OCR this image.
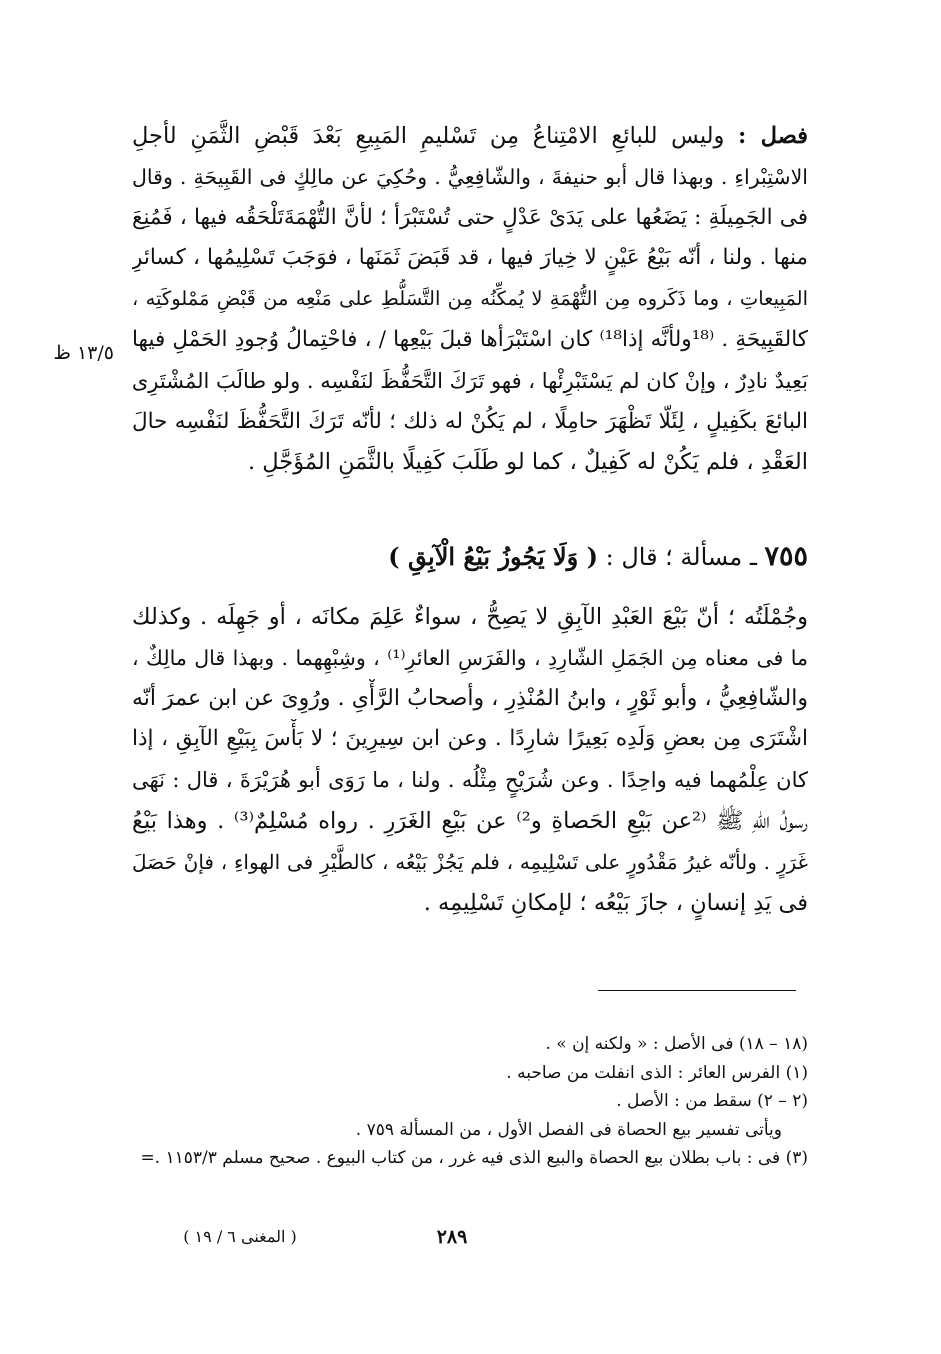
فصل : وليس للبائعِ الامْتِناعُ مِن تَسْليمِ المَبِيعِ بَعْدَ قَبْضِ الثَّمَنِ لأجلِ
الاسْتِبْراءِ . وبهذا قال أبو حنيفةَ ، والشّافِعِيُّ . وحُكِيَ عن مالِكٍ فى القَبِيحَةِ . وقال
فى الجَمِيلَةِ : يَضَعُها على يَدَىْ عَدْلٍ حتى تُسْتَبْرَأ ؛ لأنَّ التُّهْمَةَتَلْحَقُه فيها ، فَمُنِعَ
منها . ولنا ، أنّه بَيْعُ عَيْنٍ لا خِيارَ فيها ، قد قَبَضَ ثَمَنَها ، فوَجَبَ تَسْلِيمُها ، كسائرِ
المَبِيعاتِ ، وما ذَكَروه مِن التُّهْمَةِ لا يُمكِّنُه مِن التَّسَلُّطِ على مَنْعِه من قَبْضِ مَمْلوكَتِه ،
كالقَبِيحَةِ . ⁽¹⁸ولأنَّه إذا¹⁸⁾ كان اسْتَبْرَأها قبلَ بَيْعِها / ، فاحْتِمالُ وُجودِ الحَمْلِ فيها
بَعِيدٌ نادِرٌ ، وإنْ كان لم يَسْتَبْرِئْها ، فهو تَرَكَ التَّحَفُّظَ لنَفْسِه . ولو طالَبَ المُشْتَرِى
البائعَ بكَفِيلٍ ، لِئَلّا تَظْهَرَ حامِلًا ، لم يَكُنْ له ذلك ؛ لأنّه تَرَكَ التَّحَفُّظَ لنَفْسِه حالَ
العَقْدِ ، فلم يَكُنْ له كَفِيلٌ ، كما لو طَلَبَ كَفِيلًا بالثَّمَنِ المُؤَجَّلِ .
١٣/٥ ظ
٧٥٥ ـ مسألة ؛ قال : ( وَلَا يَجُوزُ بَيْعُ الْآبِقِ )
وجُمْلَتُه ؛ أنّ بَيْعَ العَبْدِ الآبِقِ لا يَصِحُّ ، سواءٌ عَلِمَ مكانَه ، أو جَهِلَه . وكذلك
ما فى معناه مِن الجَمَلِ الشّارِدِ ، والفَرَسِ العائرِ⁽¹⁾ ، وشِبْهِهما . وبهذا قال مالِكٌ ،
والشّافِعِيُّ ، وأبو ثَوْرٍ ، وابنُ المُنْذِرِ ، وأصحابُ الرَّأْىِ . ورُوِىَ عن ابن عمرَ أنّه
اشْتَرَى مِن بعضِ وَلَدِه بَعِيرًا شارِدًا . وعن ابن سِيرِينَ ؛ لا بَأْسَ بِبَيْعِ الآبِقِ ، إذا
كان عِلْمُهما فيه واحِدًا . وعن شُرَيْحٍ مِثْلُه . ولنا ، ما رَوَى أبو هُرَيْرَةَ ، قال : نَهَى
رسولُ اللهِ ﷺ ⁽²عن بَيْعِ الحَصاةِ و²⁾ عن بَيْعِ الغَرَرِ . رواه مُسْلِمٌ⁽³⁾ . وهذا بَيْعُ
غَرَرٍ . ولأنّه غيرُ مَقْدُورٍ على تَسْلِيمِه ، فلم يَجُزْ بَيْعُه ، كالطَّيْرِ فى الهواءِ ، فإنْ حَصَلَ
فى يَدِ إنسانٍ ، جازَ بَيْعُه ؛ لإمكانِ تَسْلِيمِه .
(١٨ – ١٨) فى الأصل : « ولكنه إن » .
(١) الفرس العائر : الذى انفلت من صاحبه .
(٢ – ٢) سقط من : الأصل .
ويأتى تفسير بيع الحصاة فى الفصل الأول ، من المسألة ٧٥٩ .
(٣) فى : باب بطلان بيع الحصاة والبيع الذى فيه غرر ، من كتاب البيوع . صحيح مسلم ١١٥٣/٣ .=
٢٨٩
( المغنى ٦ / ١٩ )
